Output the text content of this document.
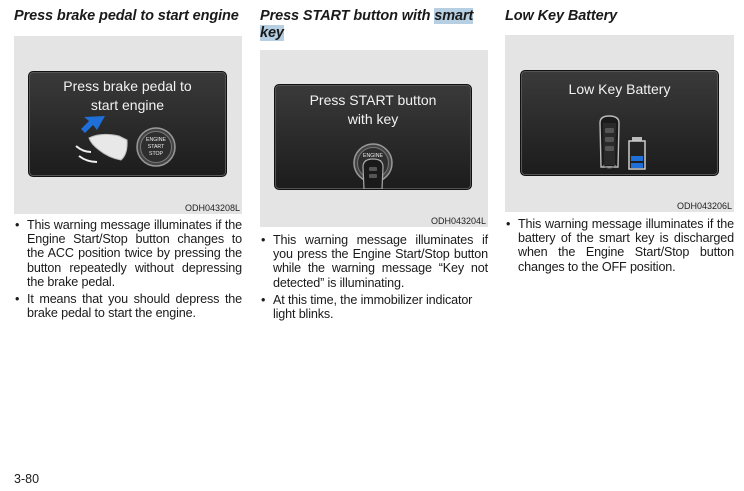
Press brake pedal to start engine
Press brake pedal to
start engine
ENGINE
START
STOP
ODH043208L
• This warning message illuminates if the Engine Start/Stop button changes to the ACC position twice by pressing the button repeatedly without depressing the brake pedal.
• It means that you should depress the brake pedal to start the engine.
Press START button with smart
key
Press START button
with key
ENGINE
ODH043204L
• This warning message illuminates if you press the Engine Start/Stop button while the warning message “Key not detected” is illuminating.
• At this time, the immobilizer indicator light blinks.
Low Key Battery
Low Key Battery
ODH043206L
• This warning message illuminates if the battery of the smart key is discharged when the Engine Start/Stop button changes to the OFF position.
3-80
